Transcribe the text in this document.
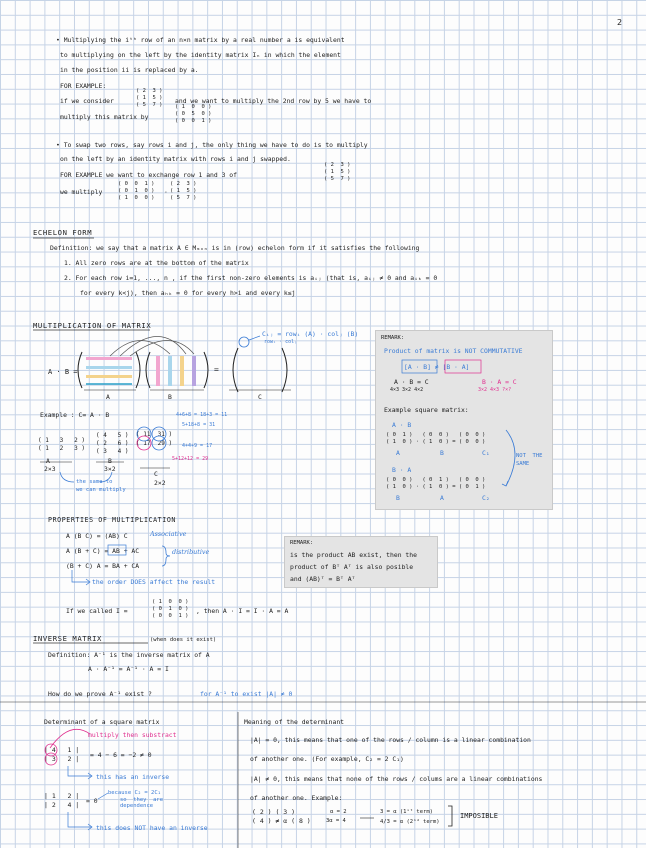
2
• Multiplying the iᵗʰ row of an n×n matrix by a real number a is equivalent
to multiplying on the left by the identity matrix Iₙ in which the element
in the position ii is replaced by a.
FOR EXAMPLE:
if we consider
( 2  3 )
( 1  5 )
( 5  7 ) and we want to multiply the 2nd row by 5 we have to
multiply this matrix by
( 1  0  0 )
( 0  5  0 )
( 0  0  1 )
• To swap two rows, say rows i and j, the only thing we have to do is to multiply
on the left by an identity matrix with rows i and j swapped.
FOR EXAMPLE we want to exchange row 1 and 3 of
( 2  3 )
( 1  5 )
( 5  7 )
we multiply
( 0  0  1 )
( 0  1  0 )
( 1  0  0 )
·
( 2  3 )
( 1  5 )
( 5  7 )
ECHELON FORM
Definition: we say that a matrix A ∈ Mₘₓₙ is in (row) echelon form if it satisfies the following
1. All zero rows are at the bottom of the matrix
2. For each row i=1, ..., n , if the first non-zero elements is aᵢⱼ (that is, aᵢⱼ ≠ 0 and aᵢₖ = 0
for every k<j), then aₕₖ = 0 for every h>i and every k≤j
MULTIPLICATION OF MATRIX
Cᵢⱼ = rowᵢ (A) · colⱼ (B)
rowᵢ · colⱼ
A · B =	=
A	B	C
Example : C= A · B
( 1   3   2 )
( 1   2   3 )
( 4   5 )
( 2   6 )
( 3   4 )
( 11  31 )
( 17  29 )
4+6+8 = 18+3 = 11
5+18+8 = 31
4+4+9 = 17
5+12+12 = 29
A
2×3
B
3×2
C
2×2
the same to
we can multiply
REMARK:
Product of matrix is NOT COMMUTATIVE
[A · B] ≠ [B · A]
A · B = C
4×3 3×2 4×2
B · A = C
3×2 4×3 ?×?
Example square matrix:
A · B
( 0  1 )   ( 0  0 )   ( 0  0 )
( 1  0 ) · ( 1  0 ) = ( 0  0 )
A	B	C₁
B · A
( 0  0 )   ( 0  1 )   ( 0  0 )
( 1  0 ) · ( 1  0 ) = ( 0  1 )
B	A	C₂
NOT  THE
SAME
PROPERTIES OF MULTIPLICATION
A (B C) = (AB) C	Associative
A (B + C) = AB + AC
(B + C) A = BA + CA
distributive
the order DOES affect the result
REMARK:
is the product AB exist, then the
product of Bᵀ Aᵀ is also posible
and (AB)ᵀ = Bᵀ Aᵀ
If we called I =
( 1  0  0 )
( 0  1  0 )
( 0  0  1 )
, then A · I = I · A = A
INVERSE MATRIX	(when does it exist)
Definition: A⁻¹ is the inverse matrix of A
A · A⁻¹ = A⁻¹ · A = I
How do we prove A⁻¹ exist ?	for A⁻¹ to exist |A| ≠ 0
Determinant of a square matrix
multiply then substract
| 4   1 |
| 3   2 | = 4 − 6 = −2 ≠ 0
this has an inverse
| 1   2 |
| 2   4 | = 0
because C₂ = 2C₁
so  they  are
dependence
this does NOT have an inverse
Meaning of the determinant
|A| = 0, this means that one of the rows / column is a linear combination
of another one. (For example, C₂ = 2 C₁)
|A| ≠ 0, this means that none of the rows / colums are a linear combinations
of another one. Example:
( 2 ) ( 3 )
( 4 ) ≠ α ( 8 )
α = 2
3α = 4
3 = α (1ˢᵗ term)
4/3 = α (2ⁿᵈ term)
IMPOSIBLE
